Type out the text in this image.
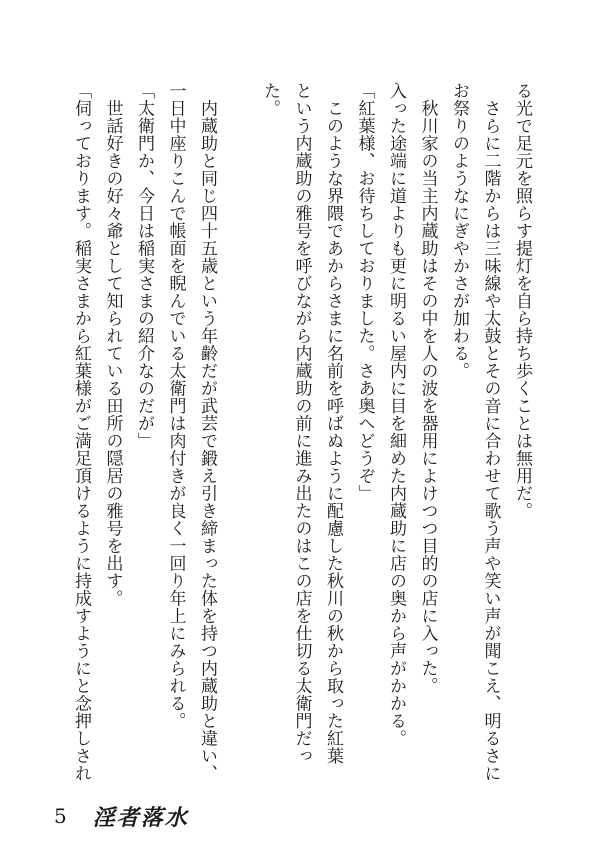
る光で足元を照らす提灯を自ら持ち歩くことは無用だ。
　さらに二階からは三味線や太鼓とその音に合わせて歌う声や笑い声が聞こえ、明るさに
お祭りのようなにぎやかさが加わる。
　秋川家の当主内蔵助はその中を人の波を器用によけつつ目的の店に入った。
入った途端に道よりも更に明るい屋内に目を細めた内蔵助に店の奥から声がかかる。
「紅葉様、お待ちしておりました。さあ奥へどうぞ」
　このような界隈であからさまに名前を呼ばぬように配慮した秋川の秋から取った紅葉
という内蔵助の雅号を呼びながら内蔵助の前に進み出たのはこの店を仕切る太衛門だっ
た。
　内蔵助と同じ四十五歳という年齢だが武芸で鍛え引き締まった体を持つ内蔵助と違い、
一日中座りこんで帳面を睨んでいる太衛門は肉付きが良く一回り年上にみられる。
「太衛門か、今日は稲実さまの紹介なのだが」
　世話好きの好々爺として知られている田所の隠居の雅号を出す。
「伺っております。稲実さまから紅葉様がご満足頂けるように持成すようにと念押しされ
5 淫者落水
